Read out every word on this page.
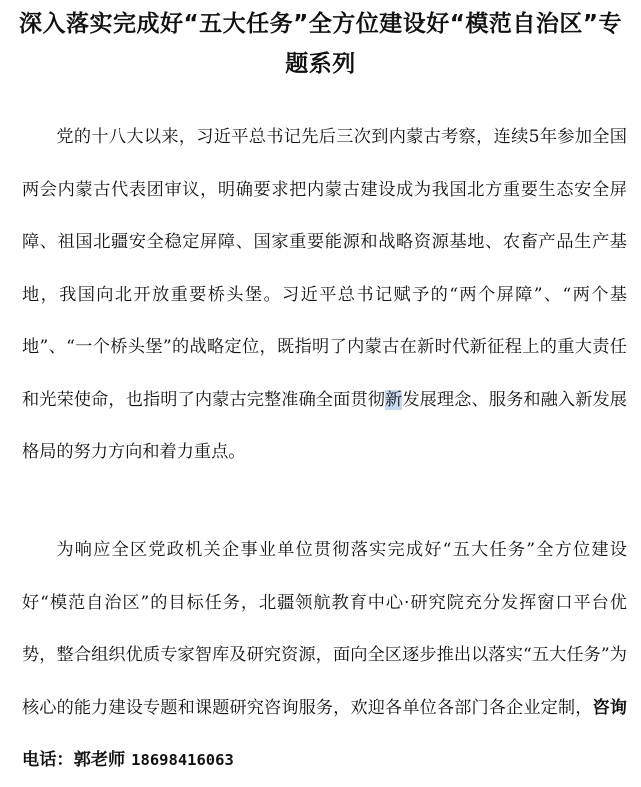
深入落实完成好“五大任务”全方位建设好“模范自治区”专题系列

党的十八大以来，习近平总书记先后三次到内蒙古考察，连续5年参加全国两会内蒙古代表团审议，明确要求把内蒙古建设成为我国北方重要生态安全屏障、祖国北疆安全稳定屏障、国家重要能源和战略资源基地、农畜产品生产基地，我国向北开放重要桥头堡。习近平总书记赋予的“两个屏障”、“两个基地”、“一个桥头堡”的战略定位，既指明了内蒙古在新时代新征程上的重大责任和光荣使命，也指明了内蒙古完整准确全面贯彻新发展理念、服务和融入新发展格局的努力方向和着力重点。

为响应全区党政机关企事业单位贯彻落实完成好“五大任务”全方位建设好“模范自治区”的目标任务，北疆领航教育中心·研究院充分发挥窗口平台优势，整合组织优质专家智库及研究资源，面向全区逐步推出以落实“五大任务”为核心的能力建设专题和课题研究咨询服务，欢迎各单位各部门各企业定制，咨询电话：郭老师 18698416063
